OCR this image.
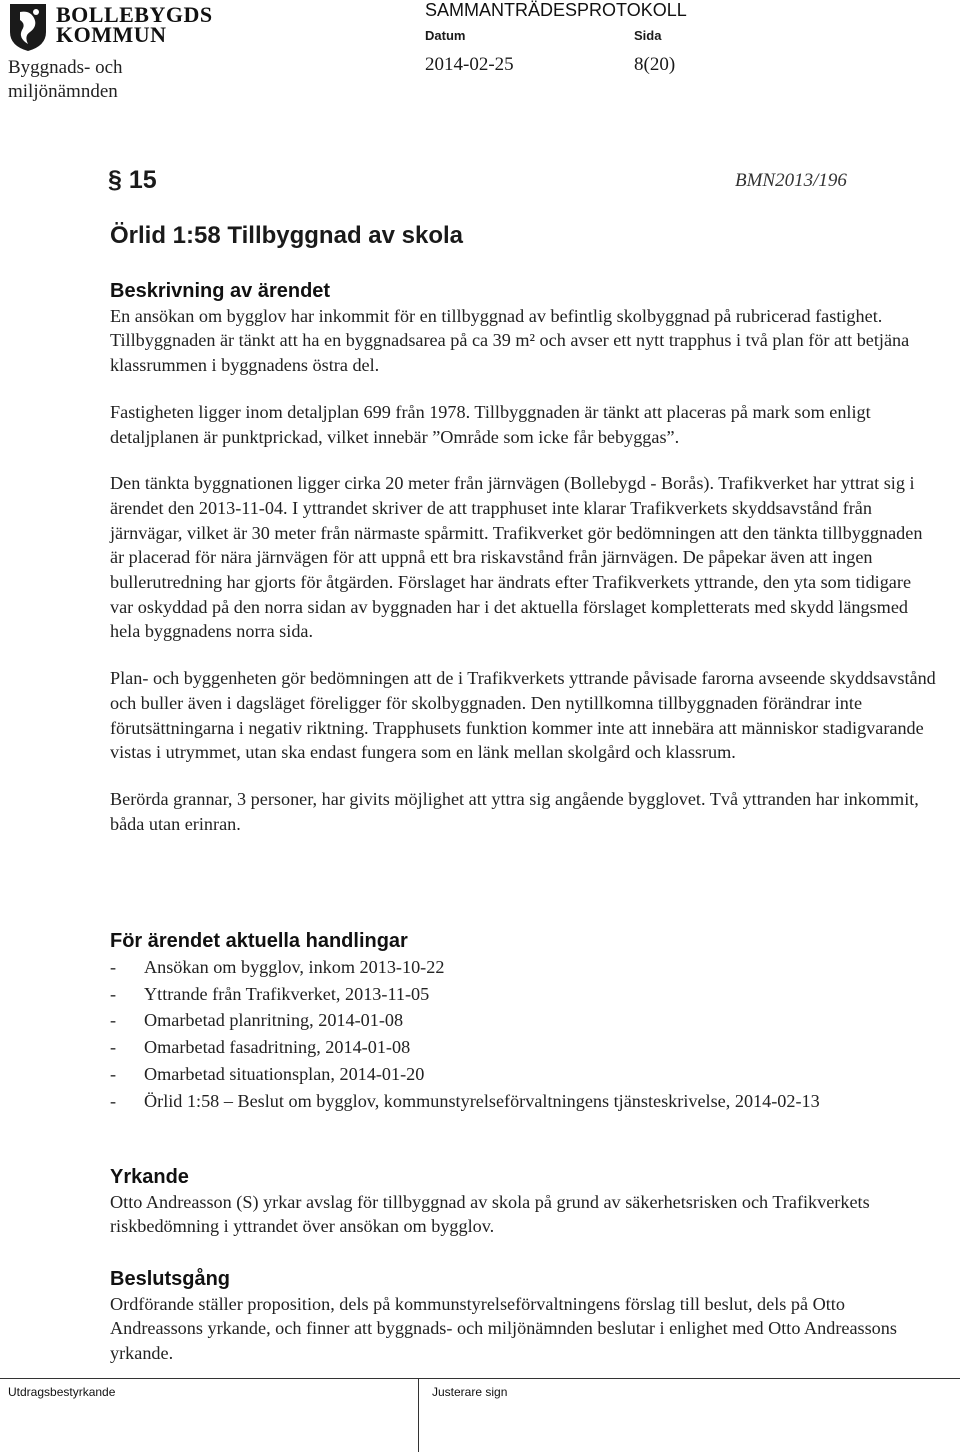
BOLLEBYGDS
KOMMUN
Byggnads- och
miljönämnden
SAMMANTRÄDESPROTOKOLL
Datum	Sida
2014-02-25	8(20)
§ 15	BMN2013/196
Örlid 1:58 Tillbyggnad av skola
Beskrivning av ärendet

En ansökan om bygglov har inkommit för en tillbyggnad av befintlig skolbyggnad på rubricerad fastighet. Tillbyggnaden är tänkt att ha en byggnadsarea på ca 39 m² och avser ett nytt trapphus i två plan för att betjäna klassrummen i byggnadens östra del.

Fastigheten ligger inom detaljplan 699 från 1978. Tillbyggnaden är tänkt att placeras på mark som enligt detaljplanen är punktprickad, vilket innebär ”Område som icke får bebyggas”.

Den tänkta byggnationen ligger cirka 20 meter från järnvägen (Bollebygd - Borås). Trafikverket har yttrat sig i ärendet den 2013-11-04. I yttrandet skriver de att trapphuset inte klarar Trafikverkets skyddsavstånd från järnvägar, vilket är 30 meter från närmaste spårmitt. Trafikverket gör bedömningen att den tänkta tillbyggnaden är placerad för nära järnvägen för att uppnå ett bra riskavstånd från järnvägen. De påpekar även att ingen bullerutredning har gjorts för åtgärden. Förslaget har ändrats efter Trafikverkets yttrande, den yta som tidigare var oskyddad på den norra sidan av byggnaden har i det aktuella förslaget kompletterats med skydd längsmed hela byggnadens norra sida.

Plan- och byggenheten gör bedömningen att de i Trafikverkets yttrande påvisade farorna avseende skyddsavstånd och buller även i dagsläget föreligger för skolbyggnaden. Den nytillkomna tillbyggnaden förändrar inte förutsättningarna i negativ riktning. Trapphusets funktion kommer inte att innebära att människor stadigvarande vistas i utrymmet, utan ska endast fungera som en länk mellan skolgård och klassrum.

Berörda grannar, 3 personer, har givits möjlighet att yttra sig angående bygglovet. Två yttranden har inkommit, båda utan erinran.

För ärendet aktuella handlingar
-	Ansökan om bygglov, inkom 2013-10-22
-	Yttrande från Trafikverket, 2013-11-05
-	Omarbetad planritning, 2014-01-08
-	Omarbetad fasadritning, 2014-01-08
-	Omarbetad situationsplan, 2014-01-20
-	Örlid 1:58 – Beslut om bygglov, kommunstyrelseförvaltningens tjänsteskrivelse, 2014-02-13
Yrkande

Otto Andreasson (S) yrkar avslag för tillbyggnad av skola på grund av säkerhetsrisken och Trafikverkets riskbedömning i yttrandet över ansökan om bygglov.

Beslutsgång

Ordförande ställer proposition, dels på kommunstyrelseförvaltningens förslag till beslut, dels på Otto Andreassons yrkande, och finner att byggnads- och miljönämnden beslutar i enlighet med Otto Andreassons yrkande.

Utdragsbestyrkande	Justerare sign
